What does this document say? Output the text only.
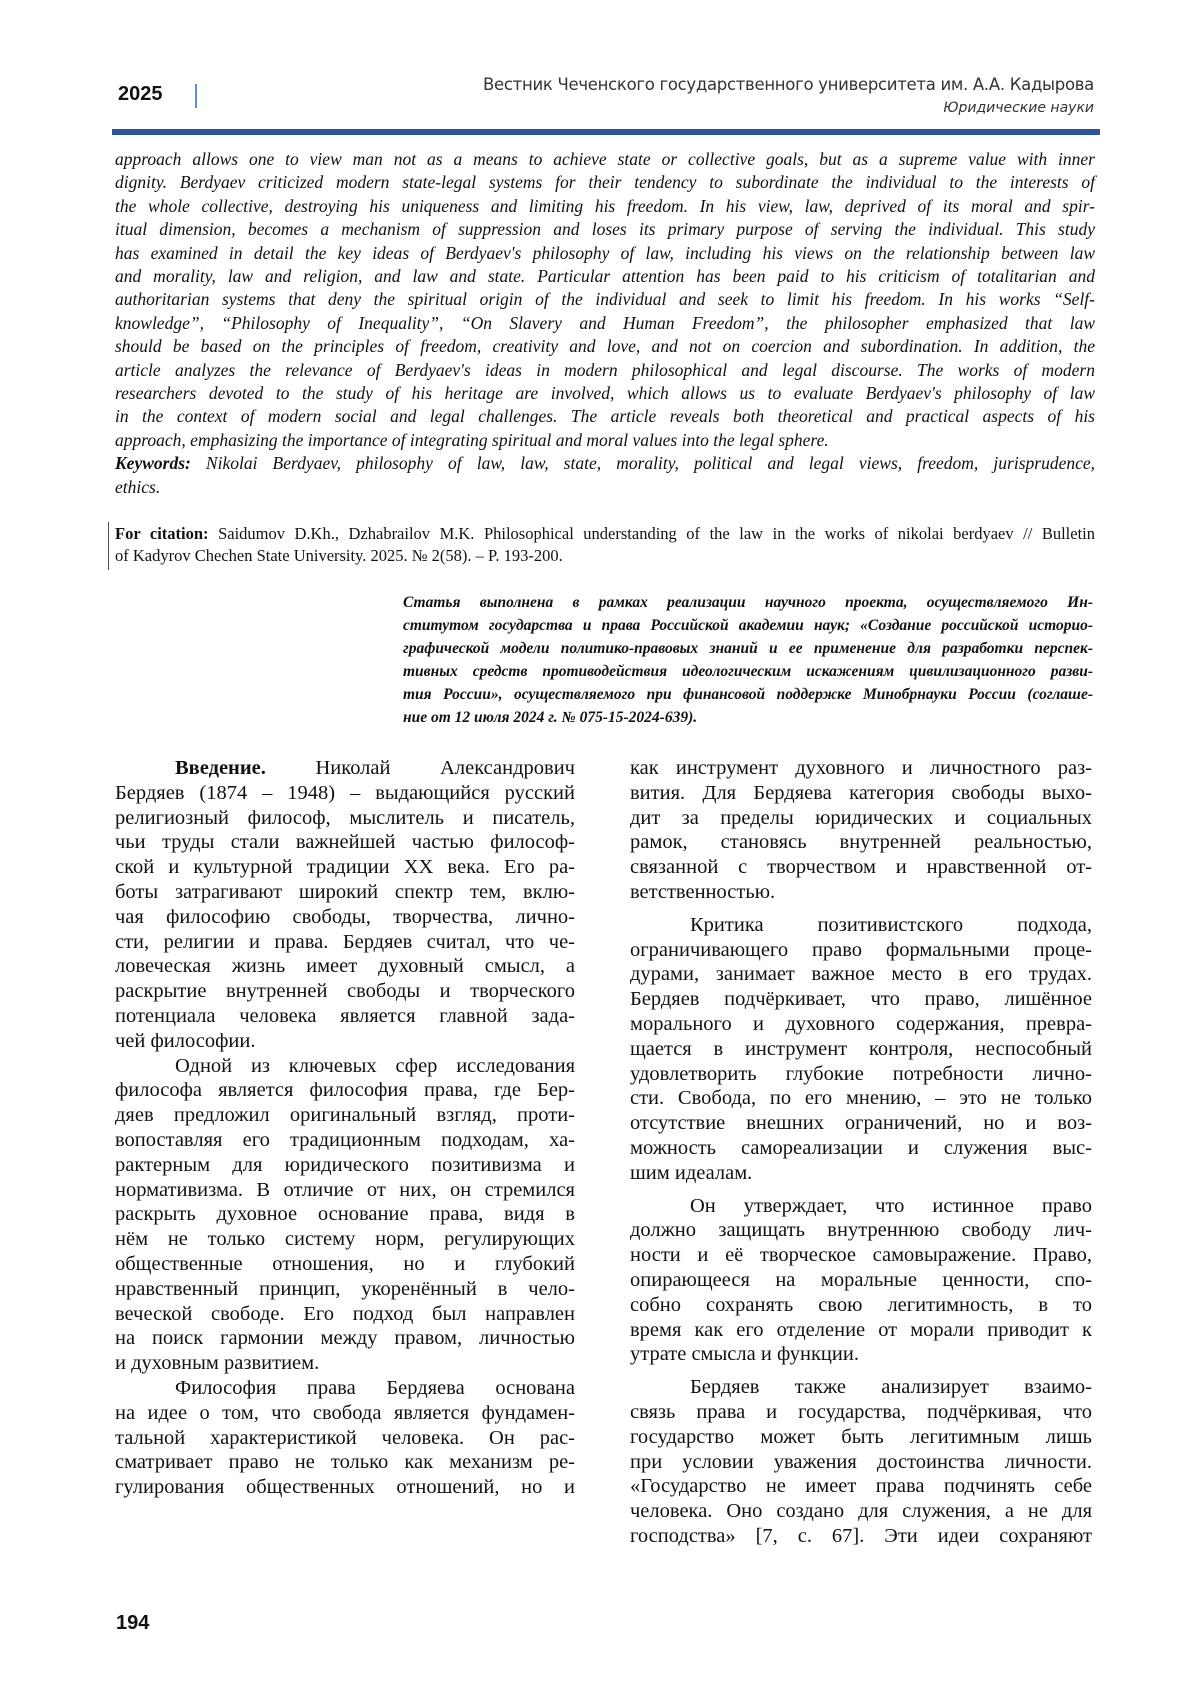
2025	Вестник Чеченского государственного университета им. А.А. Кадырова
Юридические науки
approach allows one to view man not as a means to achieve state or collective goals, but as a supreme value with inner
dignity. Berdyaev criticized modern state-legal systems for their tendency to subordinate the individual to the interests of
the whole collective, destroying his uniqueness and limiting his freedom. In his view, law, deprived of its moral and spir-
itual dimension, becomes a mechanism of suppression and loses its primary purpose of serving the individual. This study
has examined in detail the key ideas of Berdyaev's philosophy of law, including his views on the relationship between law
and morality, law and religion, and law and state. Particular attention has been paid to his criticism of totalitarian and
authoritarian systems that deny the spiritual origin of the individual and seek to limit his freedom. In his works “Self-
knowledge”, “Philosophy of Inequality”, “On Slavery and Human Freedom”, the philosopher emphasized that law
should be based on the principles of freedom, creativity and love, and not on coercion and subordination. In addition, the
article analyzes the relevance of Berdyaev's ideas in modern philosophical and legal discourse. The works of modern
researchers devoted to the study of his heritage are involved, which allows us to evaluate Berdyaev's philosophy of law
in the context of modern social and legal challenges. The article reveals both theoretical and practical aspects of his
approach, emphasizing the importance of integrating spiritual and moral values into the legal sphere.
Keywords: Nikolai Berdyaev, philosophy of law, law, state, morality, political and legal views, freedom, jurisprudence,
ethics.
For citation: Saidumov D.Kh., Dzhabrailov M.K. Philosophical understanding of the law in the works of nikolai berdyaev // Bulletin
of Kadyrov Chechen State University. 2025. № 2(58). – P. 193-200.
Статья выполнена в рамках реализации научного проекта, осуществляемого Ин-
ститутом государства и права Российской академии наук; «Создание российской историо-
графической модели политико-правовых знаний и ее применение для разработки перспек-
тивных средств противодействия идеологическим искажениям цивилизационного разви-
тия России», осуществляемого при финансовой поддержке Минобрнауки России (соглаше-
ние от 12 июля 2024 г. № 075-15-2024-639).
Введение. Николай Александрович
Бердяев (1874 – 1948) – выдающийся русский
религиозный философ, мыслитель и писатель,
чьи труды стали важнейшей частью философ-
ской и культурной традиции XX века. Его ра-
боты затрагивают широкий спектр тем, вклю-
чая философию свободы, творчества, лично-
сти, религии и права. Бердяев считал, что че-
ловеческая жизнь имеет духовный смысл, а
раскрытие внутренней свободы и творческого
потенциала человека является главной зада-
чей философии.
Одной из ключевых сфер исследования
философа является философия права, где Бер-
дяев предложил оригинальный взгляд, проти-
вопоставляя его традиционным подходам, ха-
рактерным для юридического позитивизма и
нормативизма. В отличие от них, он стремился
раскрыть духовное основание права, видя в
нём не только систему норм, регулирующих
общественные отношения, но и глубокий
нравственный принцип, укоренённый в чело-
веческой свободе. Его подход был направлен
на поиск гармонии между правом, личностью
и духовным развитием.
Философия права Бердяева основана
на идее о том, что свобода является фундамен-
тальной характеристикой человека. Он рас-
сматривает право не только как механизм ре-
гулирования общественных отношений, но и
как инструмент духовного и личностного раз-
вития. Для Бердяева категория свободы выхо-
дит за пределы юридических и социальных
рамок, становясь внутренней реальностью,
связанной с творчеством и нравственной от-
ветственностью.
Критика позитивистского подхода,
ограничивающего право формальными проце-
дурами, занимает важное место в его трудах.
Бердяев подчёркивает, что право, лишённое
морального и духовного содержания, превра-
щается в инструмент контроля, неспособный
удовлетворить глубокие потребности лично-
сти. Свобода, по его мнению, – это не только
отсутствие внешних ограничений, но и воз-
можность самореализации и служения выс-
шим идеалам.
Он утверждает, что истинное право
должно защищать внутреннюю свободу лич-
ности и её творческое самовыражение. Право,
опирающееся на моральные ценности, спо-
собно сохранять свою легитимность, в то
время как его отделение от морали приводит к
утрате смысла и функции.
Бердяев также анализирует взаимо-
связь права и государства, подчёркивая, что
государство может быть легитимным лишь
при условии уважения достоинства личности.
«Государство не имеет права подчинять себе
человека. Оно создано для служения, а не для
господства» [7, с. 67]. Эти идеи сохраняют
194
